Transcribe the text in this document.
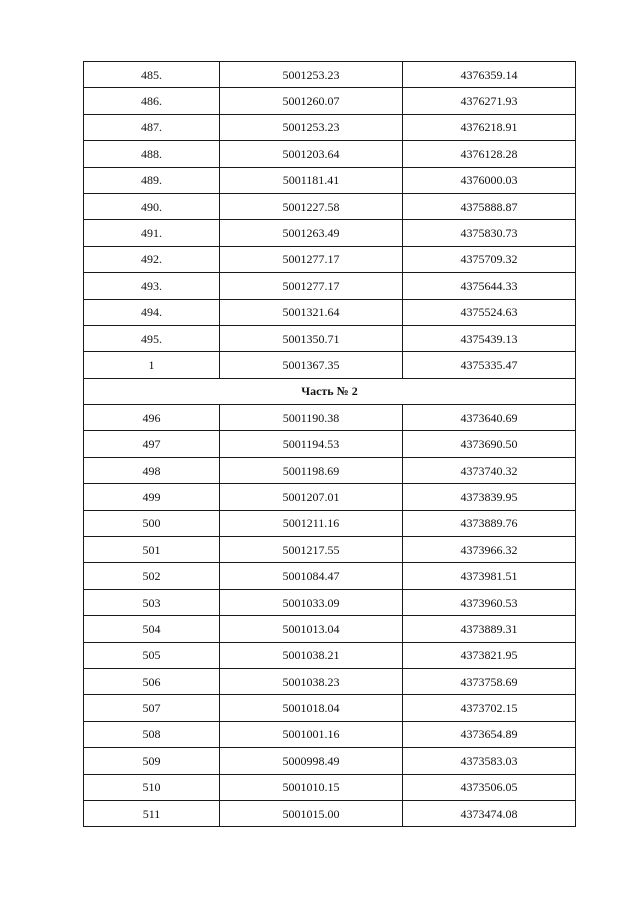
485.	5001253.23	4376359.14
486.	5001260.07	4376271.93
487.	5001253.23	4376218.91
488.	5001203.64	4376128.28
489.	5001181.41	4376000.03
490.	5001227.58	4375888.87
491.	5001263.49	4375830.73
492.	5001277.17	4375709.32
493.	5001277.17	4375644.33
494.	5001321.64	4375524.63
495.	5001350.71	4375439.13
1	5001367.35	4375335.47
Часть № 2		
496	5001190.38	4373640.69
497	5001194.53	4373690.50
498	5001198.69	4373740.32
499	5001207.01	4373839.95
500	5001211.16	4373889.76
501	5001217.55	4373966.32
502	5001084.47	4373981.51
503	5001033.09	4373960.53
504	5001013.04	4373889.31
505	5001038.21	4373821.95
506	5001038.23	4373758.69
507	5001018.04	4373702.15
508	5001001.16	4373654.89
509	5000998.49	4373583.03
510	5001010.15	4373506.05
511	5001015.00	4373474.08
